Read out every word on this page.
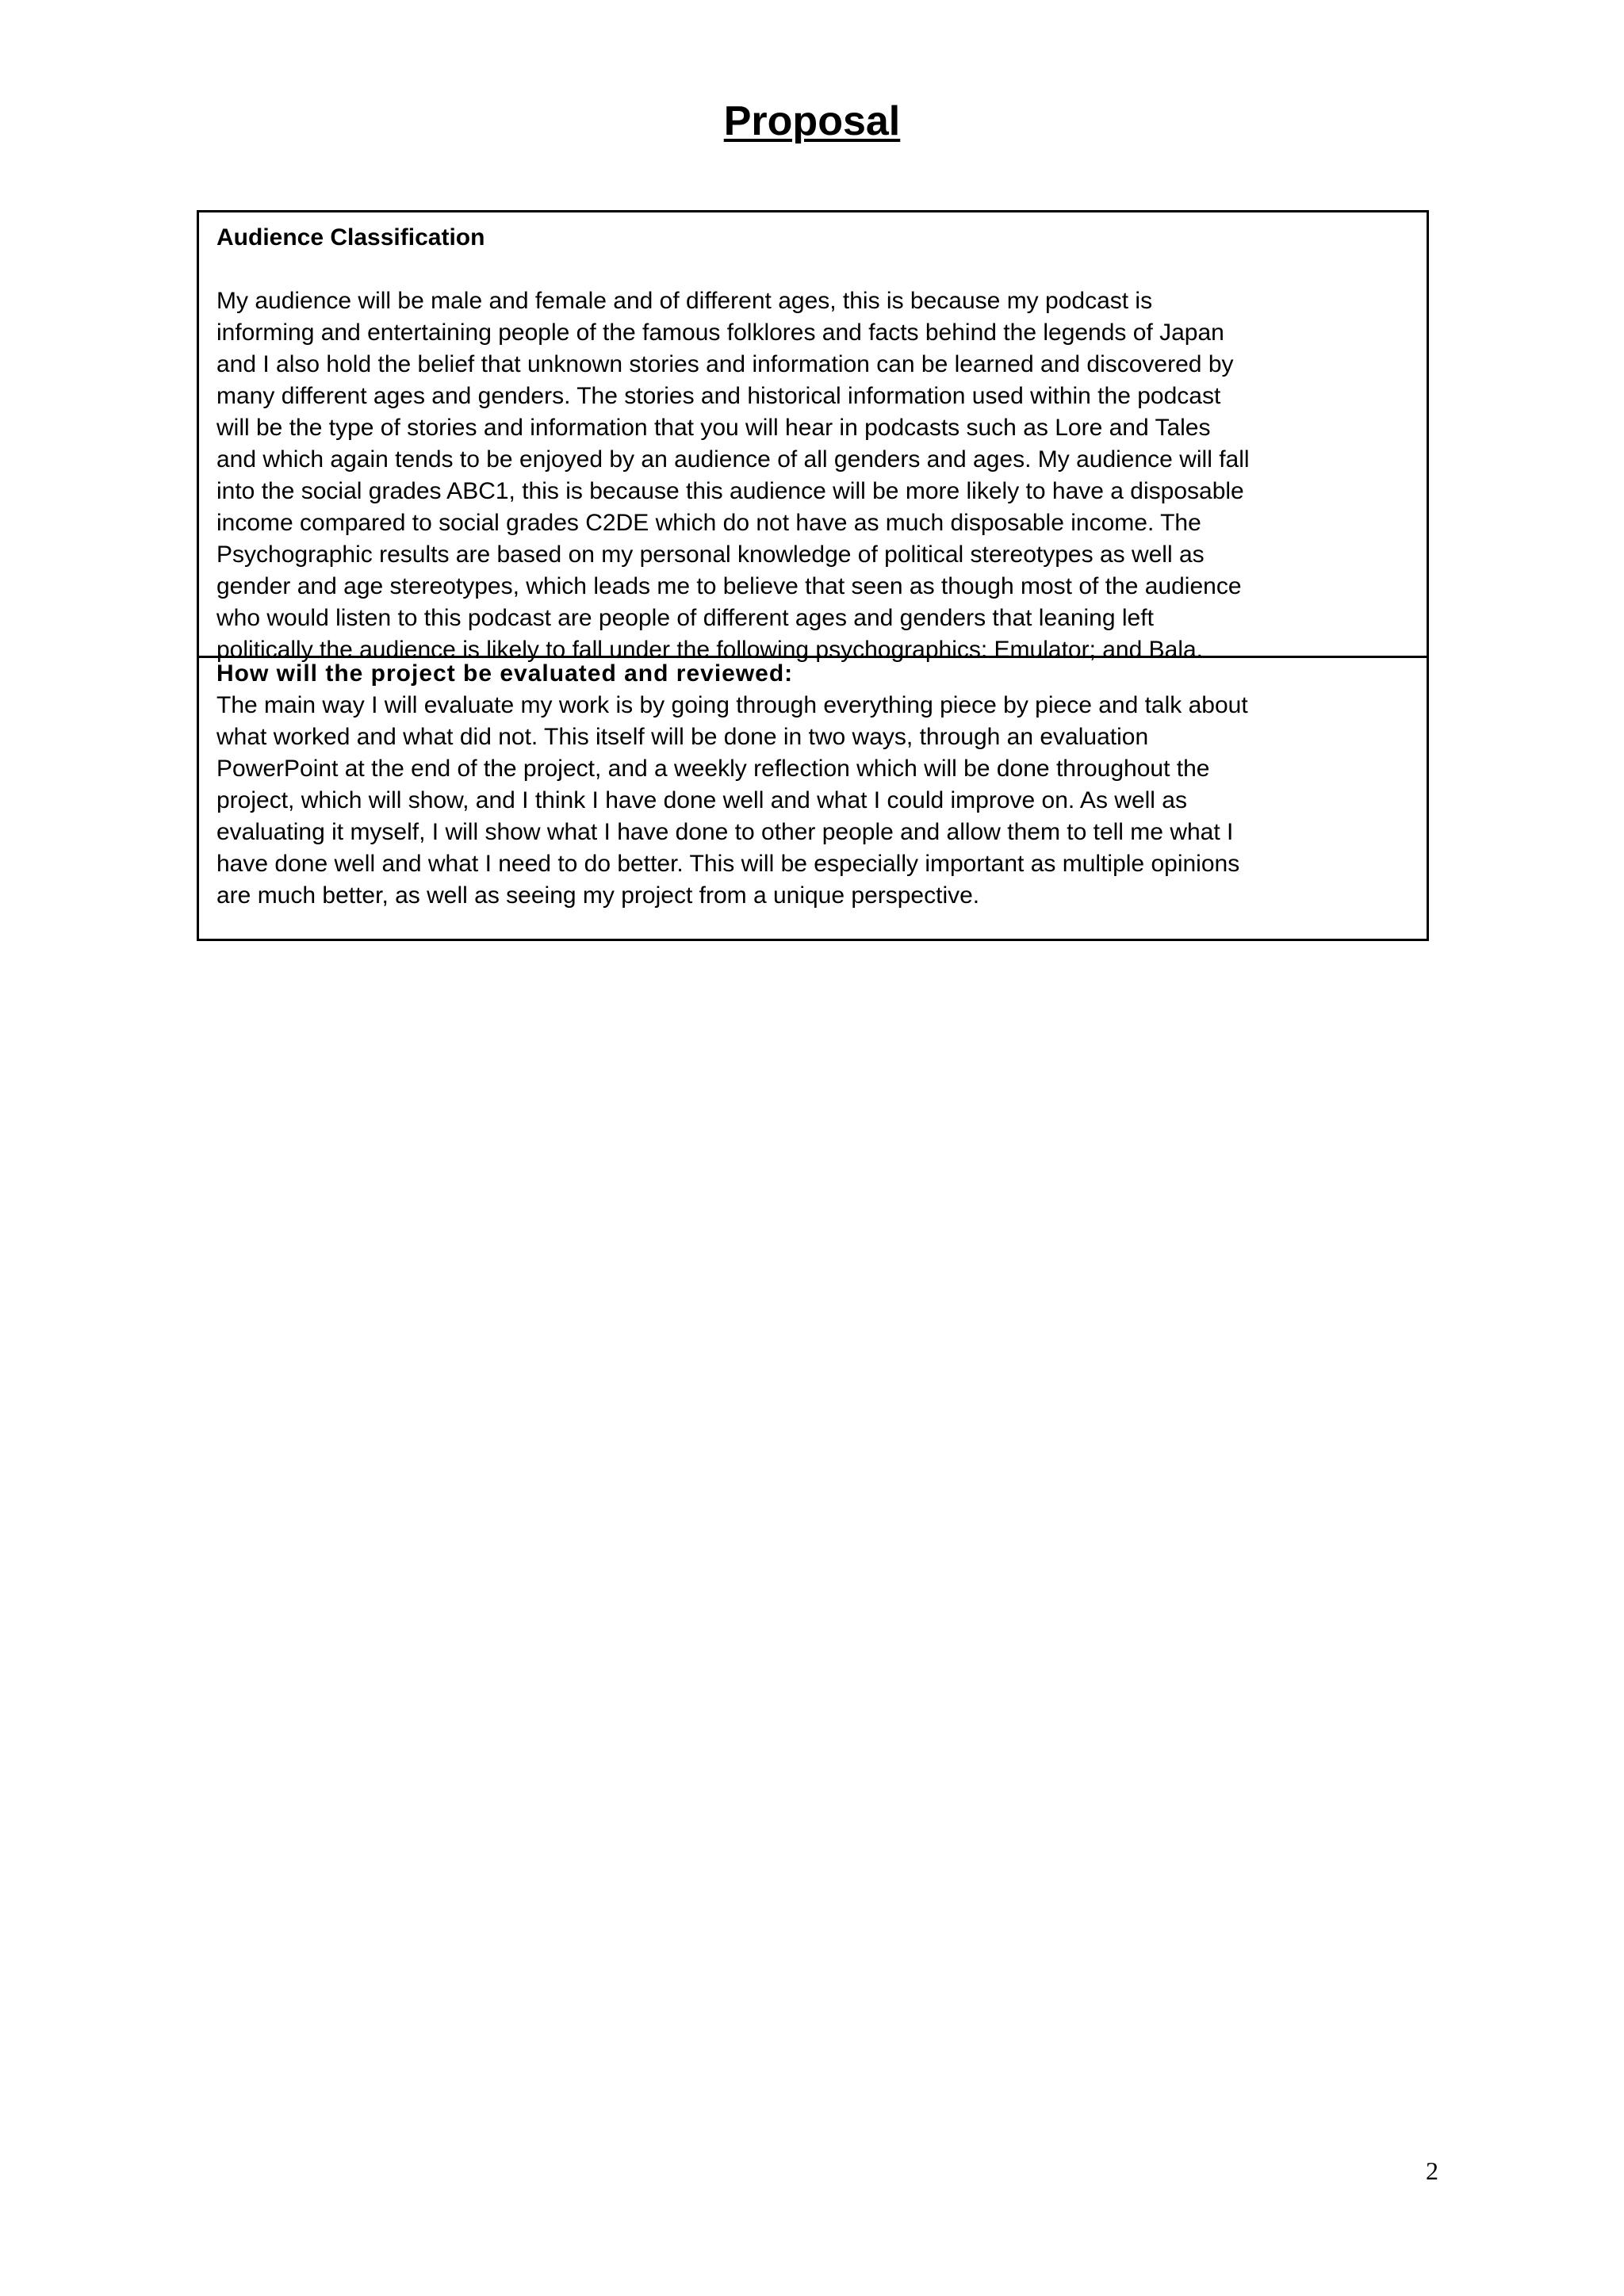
Proposal

Audience Classification

My audience will be male and female and of different ages, this is because my podcast is
informing and entertaining people of the famous folklores and facts behind the legends of Japan
and I also hold the belief that unknown stories and information can be learned and discovered by
many different ages and genders. The stories and historical information used within the podcast
will be the type of stories and information that you will hear in podcasts such as Lore and Tales
and which again tends to be enjoyed by an audience of all genders and ages. My audience will fall
into the social grades ABC1, this is because this audience will be more likely to have a disposable
income compared to social grades C2DE which do not have as much disposable income. The
Psychographic results are based on my personal knowledge of political stereotypes as well as
gender and age stereotypes, which leads me to believe that seen as though most of the audience
who would listen to this podcast are people of different ages and genders that leaning left
politically the audience is likely to fall under the following psychographics: Emulator; and Bala.

How will the project be evaluated and reviewed:

The main way I will evaluate my work is by going through everything piece by piece and talk about
what worked and what did not. This itself will be done in two ways, through an evaluation
PowerPoint at the end of the project, and a weekly reflection which will be done throughout the
project, which will show, and I think I have done well and what I could improve on. As well as
evaluating it myself, I will show what I have done to other people and allow them to tell me what I
have done well and what I need to do better. This will be especially important as multiple opinions
are much better, as well as seeing my project from a unique perspective.
2
